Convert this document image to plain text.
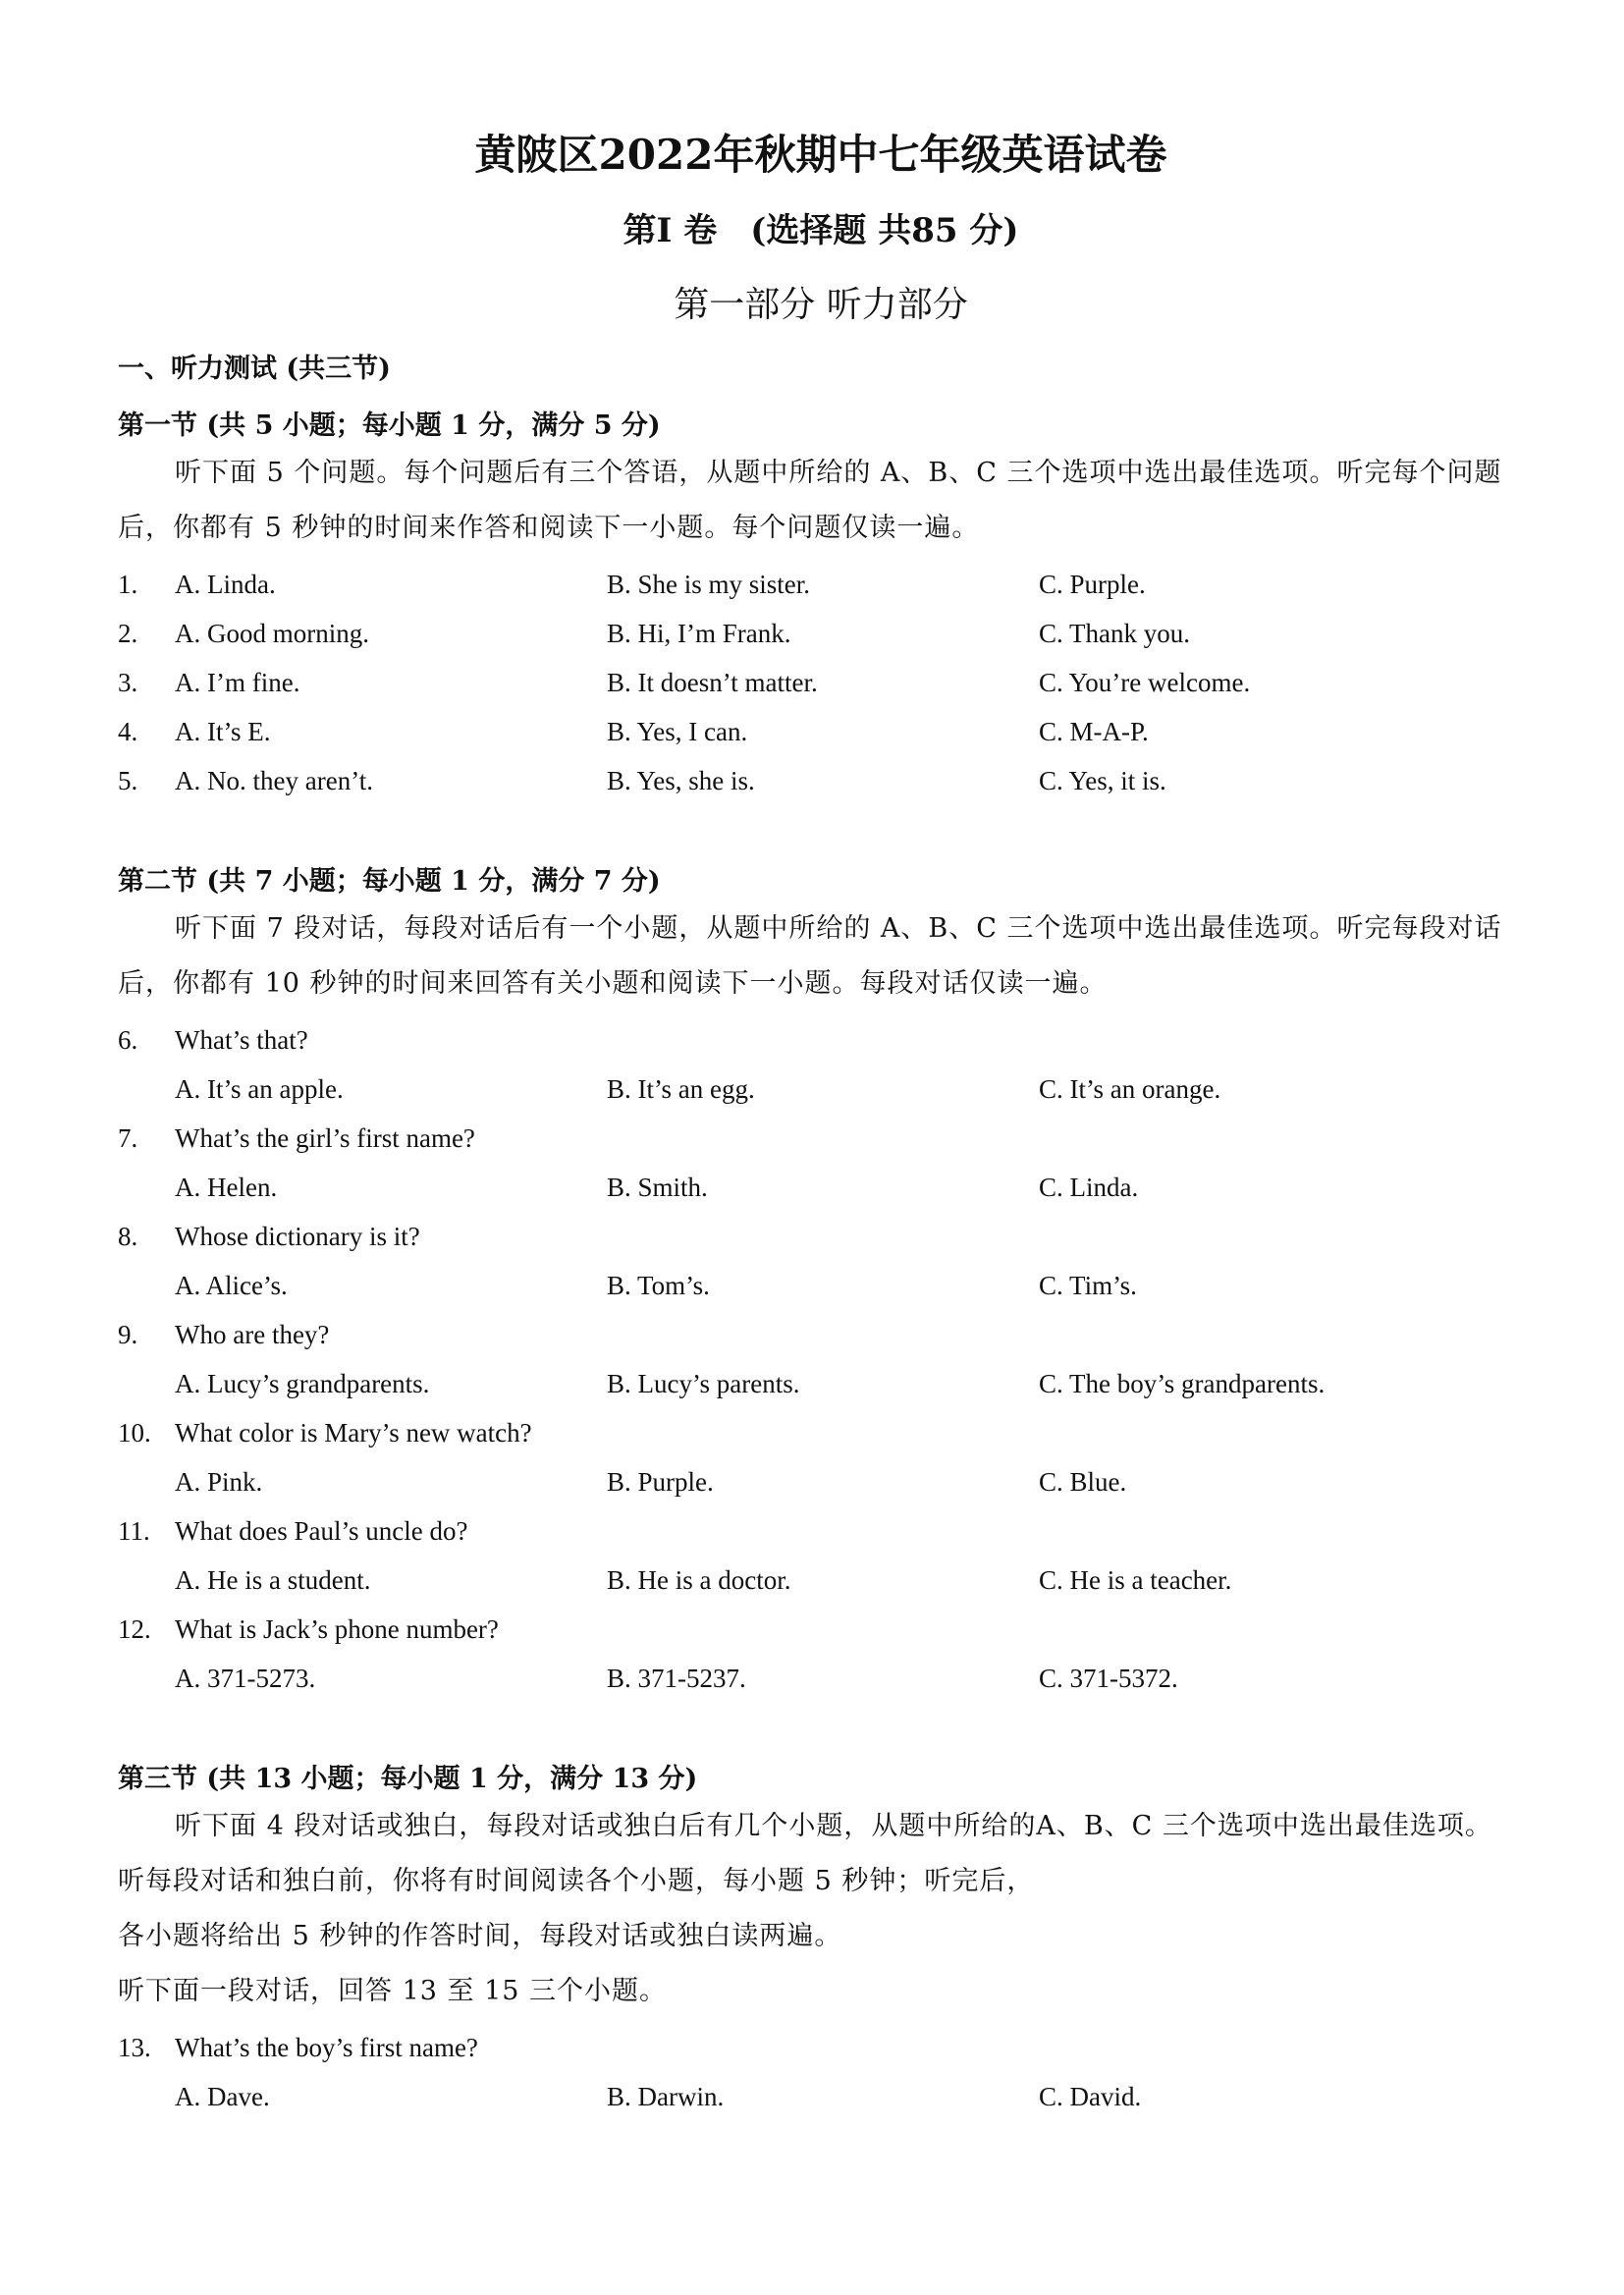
黄陂区2022年秋期中七年级英语试卷
第I 卷　(选择题 共85 分)
第一部分 听力部分
一、听力测试 (共三节)
第一节 (共 5 小题；每小题 1 分，满分 5 分)
听下面 5 个问题。每个问题后有三个答语，从题中所给的 A、B、C 三个选项中选出最佳选项。听完每个问题后，你都有 5 秒钟的时间来作答和阅读下一小题。每个问题仅读一遍。
1.	A. Linda.	B. She is my sister.	C. Purple.
2.	A. Good morning.	B. Hi, I’m Frank.	C. Thank you.
3.	A. I’m fine.	B. It doesn’t matter.	C. You’re welcome.
4.	A. It’s E.	B. Yes, I can.	C. M-A-P.
5.	A. No. they aren’t.	B. Yes, she is.	C. Yes, it is.
第二节 (共 7 小题；每小题 1 分，满分 7 分)
听下面 7 段对话，每段对话后有一个小题，从题中所给的 A、B、C 三个选项中选出最佳选项。听完每段对话后，你都有 10 秒钟的时间来回答有关小题和阅读下一小题。每段对话仅读一遍。
6.	What’s that?
A. It’s an apple.	B. It’s an egg.	C. It’s an orange.
7.	What’s the girl’s first name?
A. Helen.	B. Smith.	C. Linda.
8.	Whose dictionary is it?
A. Alice’s.	B. Tom’s.	C. Tim’s.
9.	Who are they?
A. Lucy’s grandparents.	B. Lucy’s parents.	C. The boy’s grandparents.
10. What color is Mary’s new watch?
A. Pink.	B. Purple.	C. Blue.
11. What does Paul’s uncle do?
A. He is a student.	B. He is a doctor.	C. He is a teacher.
12. What is Jack’s phone number?
A. 371-5273.	B. 371-5237.	C. 371-5372.
第三节 (共 13 小题；每小题 1 分，满分 13 分)
听下面 4 段对话或独白，每段对话或独白后有几个小题，从题中所给的A、B、C 三个选项中选出最佳选项。
听每段对话和独白前，你将有时间阅读各个小题，每小题 5 秒钟；听完后，
各小题将给出 5 秒钟的作答时间，每段对话或独白读两遍。
听下面一段对话，回答 13 至 15 三个小题。
13. What’s the boy’s first name?
A. Dave.	B. Darwin.	C. David.
